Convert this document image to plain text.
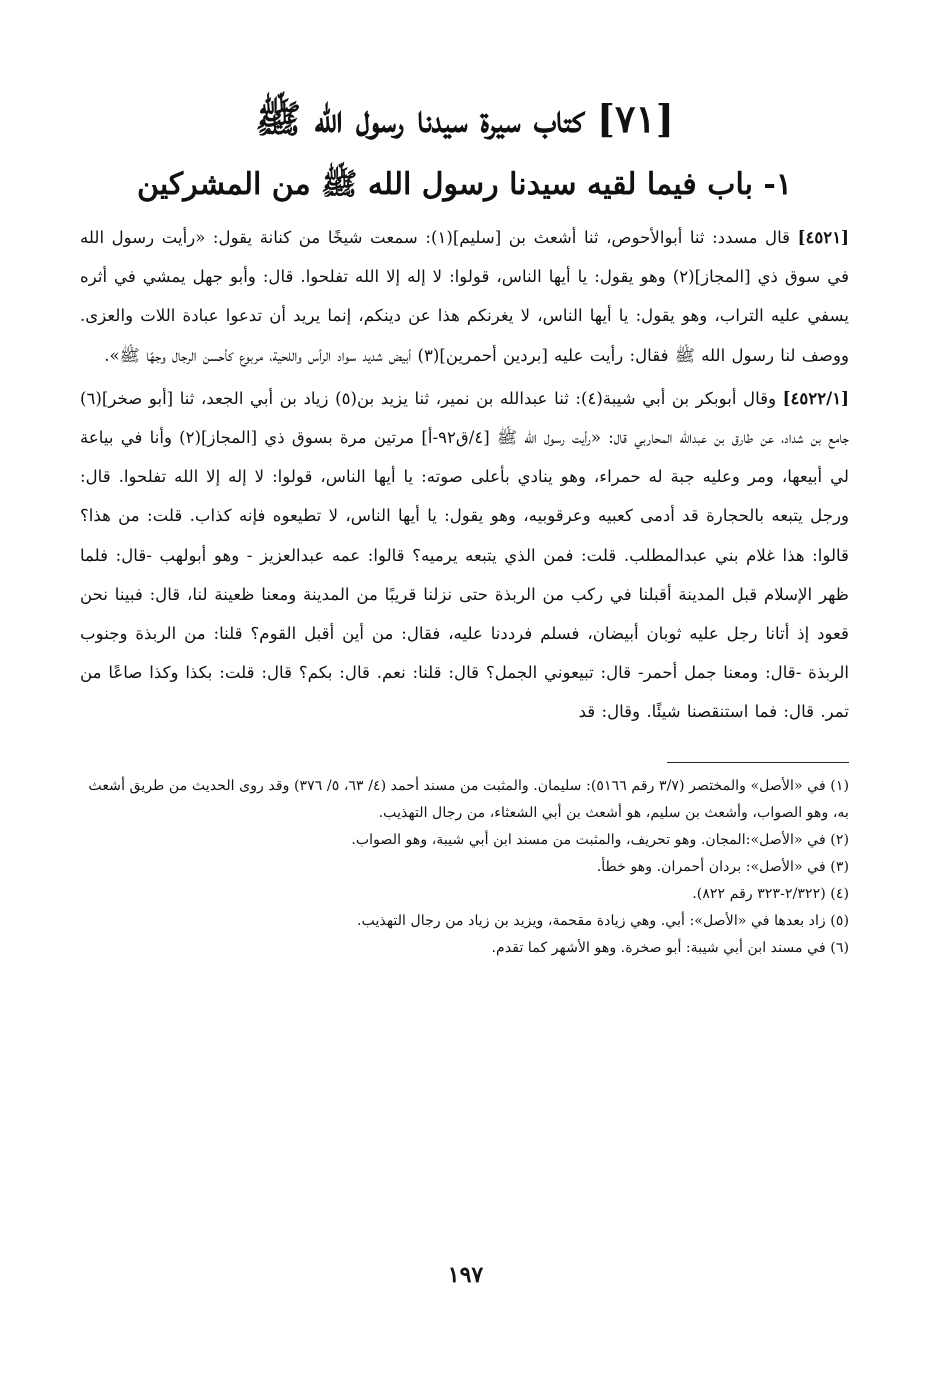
[٧١] كتاب سيرة سيدنا رسول الله ﷺ
١- باب فيما لقيه سيدنا رسول الله ﷺ من المشركين

[٤٥٢١] قال مسدد: ثنا أبوالأحوص، ثنا أشعث بن [سليم](١): سمعت شيخًا من كنانة يقول: «رأيت رسول الله في سوق ذي [المجاز](٢) وهو يقول: يا أيها الناس، قولوا: لا إله إلا الله تفلحوا. قال: وأبو جهل يمشي في أثره يسفي عليه التراب، وهو يقول: يا أيها الناس، لا يغرنكم هذا عن دينكم، إنما يريد أن تدعوا عبادة اللات والعزى. ووصف لنا رسول الله ﷺ فقال: رأيت عليه [بردين أحمرين](٣) أبيض شديد سواد الرأس واللحية، مربوع كأحسن الرجال وجهًا ﷺ».

[٤٥٢٢/١] وقال أبوبكر بن أبي شيبة(٤): ثنا عبدالله بن نمير، ثنا يزيد بن(٥) زياد بن أبي الجعد، ثنا [أبو صخر](٦) جامع بن شداد، عن طارق بن عبدالله المحاربي قال: «رأيت رسول الله ﷺ [٤/ق٩٢-أ] مرتين مرة بسوق ذي [المجاز](٢) وأنا في بياعة لي أبيعها، ومر وعليه جبة له حمراء، وهو ينادي بأعلى صوته: يا أيها الناس، قولوا: لا إله إلا الله تفلحوا. قال: ورجل يتبعه بالحجارة قد أدمى كعبيه وعرقوبيه، وهو يقول: يا أيها الناس، لا تطيعوه فإنه كذاب. قلت: من هذا؟ قالوا: هذا غلام بني عبدالمطلب. قلت: فمن الذي يتبعه يرميه؟ قالوا: عمه عبدالعزيز - وهو أبولهب -قال: فلما ظهر الإسلام قبل المدينة أقبلنا في ركب من الربذة حتى نزلنا قريبًا من المدينة ومعنا ظعينة لنا، قال: فبينا نحن قعود إذ أتانا رجل عليه ثوبان أبيضان، فسلم فرددنا عليه، فقال: من أين أقبل القوم؟ قلنا: من الربذة وجنوب الربذة -قال: ومعنا جمل أحمر- قال: تبيعوني الجمل؟ قال: قلنا: نعم. قال: بكم؟ قال: قلت: بكذا وكذا صاعًا من تمر. قال: فما استنقصنا شيئًا. وقال: قد

(١) في «الأصل» والمختصر (٣/٧ رقم ٥١٦٦): سليمان. والمثبت من مسند أحمد (٤/ ٦٣، ٥/ ٣٧٦) وقد روى الحديث من طريق أشعث به، وهو الصواب، وأشعث بن سليم، هو أشعث بن أبي الشعثاء، من رجال التهذيب.

(٢) في «الأصل»:المجان. وهو تحريف، والمثبت من مسند ابن أبي شيبة، وهو الصواب.

(٣) في «الأصل»: بردان أحمران. وهو خطأ.

(٤) (٢/٣٢٢-٣٢٣ رقم ٨٢٢).

(٥) زاد بعدها في «الأصل»: أبي. وهي زيادة مقحمة، ويزيد بن زياد من رجال التهذيب.

(٦) في مسند ابن أبي شيبة: أبو صخرة. وهو الأشهر كما تقدم.

١٩٧
